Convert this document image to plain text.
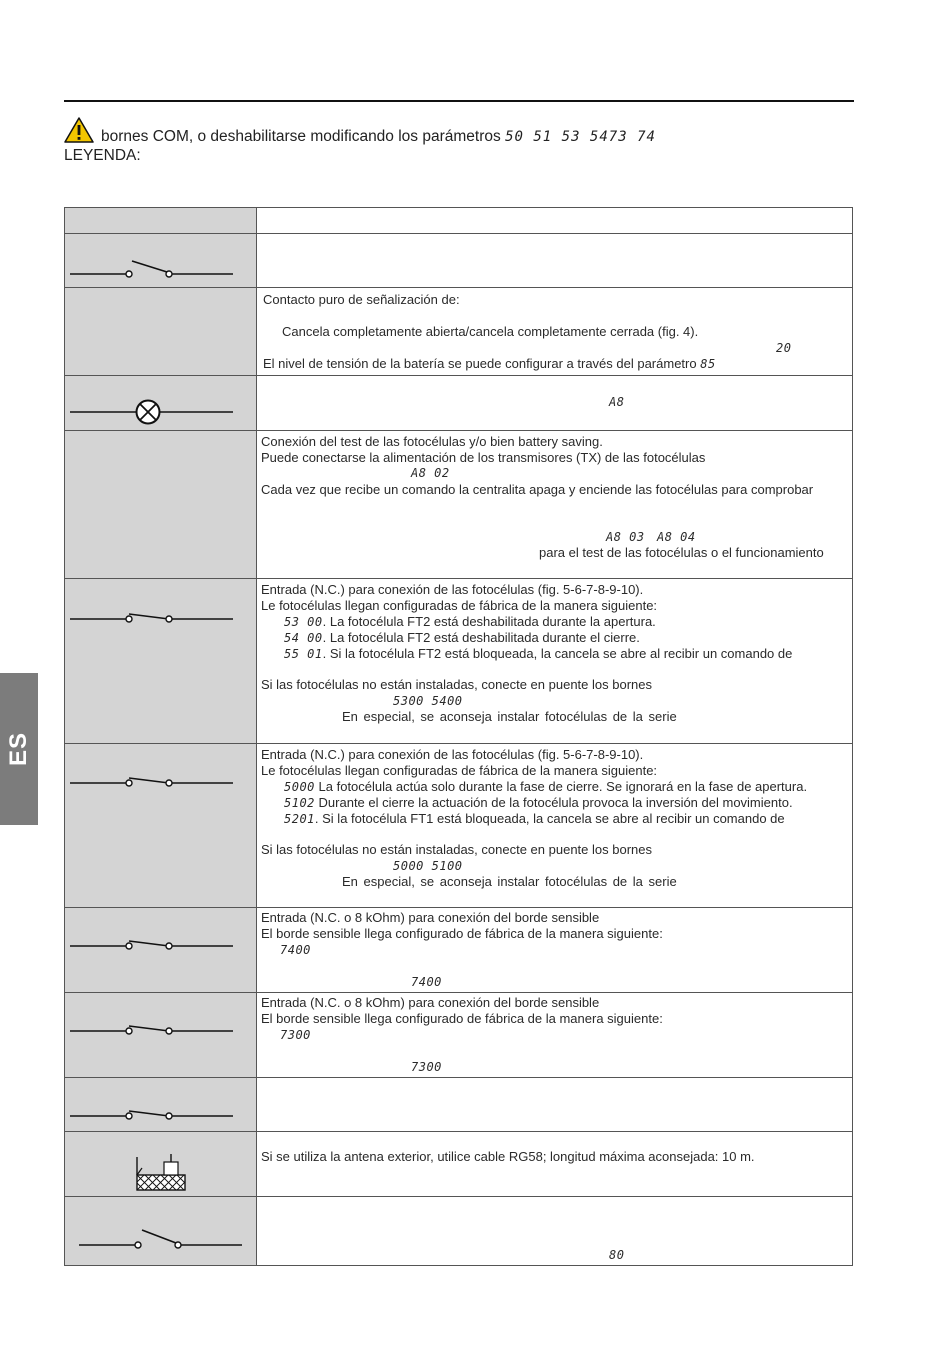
bornes COM, o deshabilitarse modificando los parámetros 50 51 53 5473 74
LEYENDA:
Contacto puro de señalización de:
Cancela completamente abierta/cancela completamente cerrada (fig. 4).
20
El nivel de tensión de la batería se puede configurar a través del parámetro 85
A8
Conexión del test de las fotocélulas y/o bien battery saving.
Puede conectarse la alimentación de los transmisores (TX) de las fotocélulas
A8 02
Cada vez que recibe un comando la centralita apaga y enciende las fotocélulas para comprobar
A8 03 A8 04
para el test de las fotocélulas o el funcionamiento
Entrada (N.C.) para conexión de las fotocélulas (fig. 5-6-7-8-9-10).
Le fotocélulas llegan configuradas de fábrica de la manera siguiente:
53 00. La fotocélula FT2 está deshabilitada durante la apertura.
54 00. La fotocélula FT2 está deshabilitada durante el cierre.
55 01. Si la fotocélula FT2 está bloqueada, la cancela se abre al recibir un comando de
Si las fotocélulas no están instaladas, conecte en puente los bornes
5300 5400
En especial, se aconseja instalar fotocélulas de la serie
Entrada (N.C.) para conexión de las fotocélulas (fig. 5-6-7-8-9-10).
Le fotocélulas llegan configuradas de fábrica de la manera siguiente:
5000 La fotocélula actúa solo durante la fase de cierre. Se ignorará en la fase de apertura.
5102 Durante el cierre la actuación de la fotocélula provoca la inversión del movimiento.
5201. Si la fotocélula FT1 está bloqueada, la cancela se abre al recibir un comando de
Si las fotocélulas no están instaladas, conecte en puente los bornes
5000 5100
En especial, se aconseja instalar fotocélulas de la serie
Entrada (N.C. o 8 kOhm) para conexión del borde sensible
El borde sensible llega configurado de fábrica de la manera siguiente:
7400
7400
Entrada (N.C. o 8 kOhm) para conexión del borde sensible
El borde sensible llega configurado de fábrica de la manera siguiente:
7300
7300
Si se utiliza la antena exterior, utilice cable RG58; longitud máxima aconsejada: 10 m.
80
ES
